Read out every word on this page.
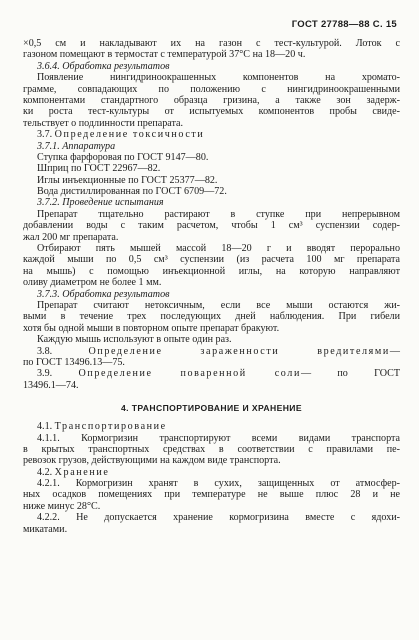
ГОСТ 27788—88 С. 15
×0,5 см и накладывают их на газон с тест-культурой. Лоток с
газоном помещают в термостат с температурой 37°С на 18—20 ч.
3.6.4. Обработка результатов
Появление нингидриноокрашенных компонентов на хромато-
грамме, совпадающих по положению с нингидриноокрашенными
компонентами стандартного образца гризина, а также зон задерж-
ки роста тест-культуры от испытуемых компонентов пробы свиде-
тельствует о подлинности препарата.
3.7. Определение токсичности
3.7.1. Аппаратура
Ступка фарфоровая по ГОСТ 9147—80.
Шприц по ГОСТ 22967—82.
Иглы инъекционные по ГОСТ 25377—82.
Вода дистиллированная по ГОСТ 6709—72.
3.7.2. Проведение испытания
Препарат тщательно растирают в ступке при непрерывном
добавлении воды с таким расчетом, чтобы 1 см³ суспензии содер-
жал 200 мг препарата.
Отбирают пять мышей массой 18—20 г и вводят перорально
каждой мыши по 0,5 см³ суспензии (из расчета 100 мг препарата
на мышь) с помощью инъекционной иглы, на которую направляют
оливу диаметром не более 1 мм.
3.7.3. Обработка результатов
Препарат считают нетоксичным, если все мыши остаются жи-
выми в течение трех последующих дней наблюдения. При гибели
хотя бы одной мыши в повторном опыте препарат бракуют.
Каждую мышь используют в опыте один раз.
3.8. Определение зараженности вредителями—
по ГОСТ 13496.13—75.
3.9. Определение поваренной соли— по ГОСТ
13496.1—74.
4. ТРАНСПОРТИРОВАНИЕ И ХРАНЕНИЕ
4.1. Транспортирование
4.1.1. Кормогризин транспортируют всеми видами транспорта
в крытых транспортных средствах в соответствии с правилами пе-
ревозок грузов, действующими на каждом виде транспорта.
4.2. Хранение
4.2.1. Кормогризин хранят в сухих, защищенных от атмосфер-
ных осадков помещениях при температуре не выше плюс 28 и не
ниже минус 28°С.
4.2.2. Не допускается хранение кормогризина вместе с ядохи-
микатами.
